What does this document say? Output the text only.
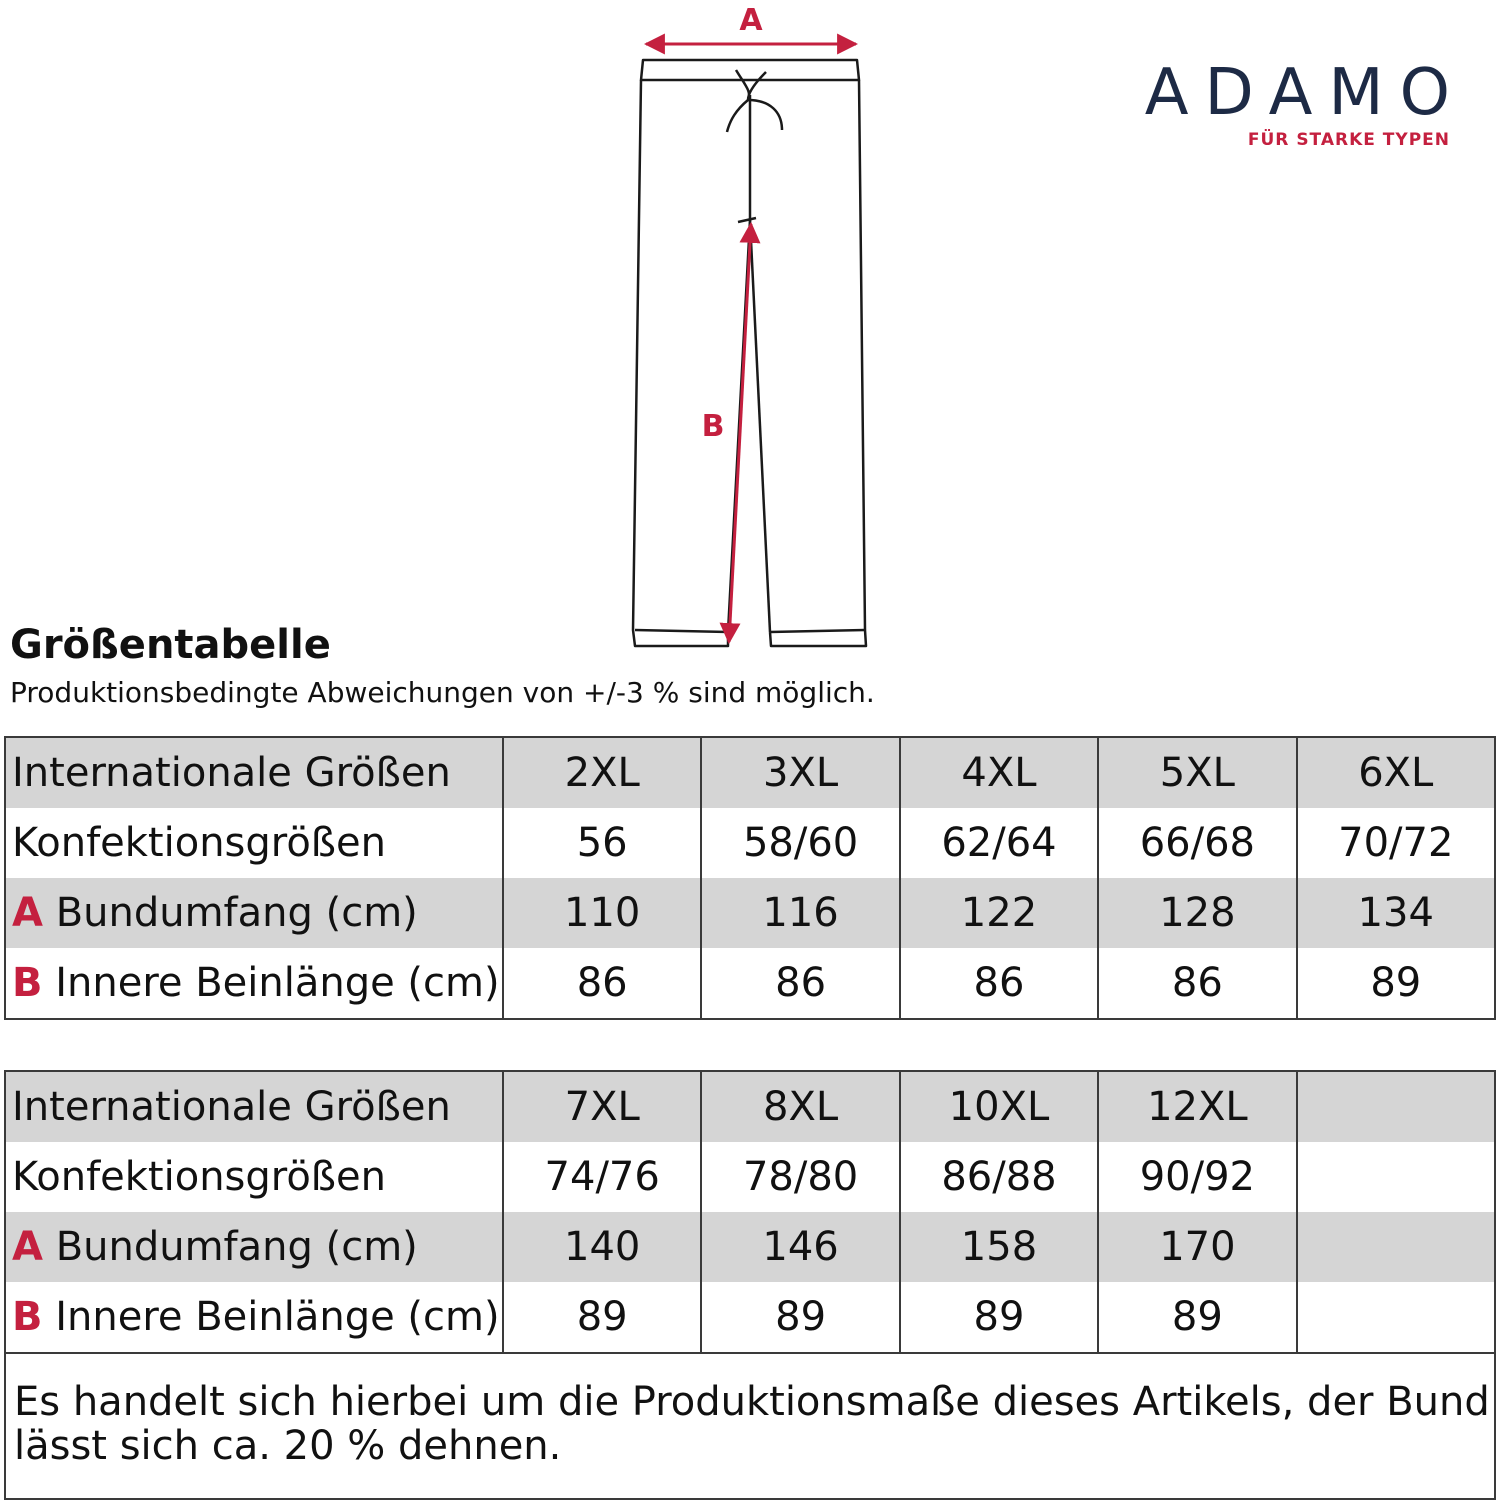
A
B
ADAMO
FÜR STARKE TYPEN
Größentabelle
Produktionsbedingte Abweichungen von +/-3 % sind möglich.
Internationale Größen	2XL	3XL	4XL	5XL	6XL
Konfektionsgrößen	56	58/60	62/64	66/68	70/72
A Bundumfang (cm)	110	116	122	128	134
B Innere Beinlänge (cm)	86	86	86	86	89
Internationale Größen	7XL	8XL	10XL	12XL	
Konfektionsgrößen	74/76	78/80	86/88	90/92	
A Bundumfang (cm)	140	146	158	170	
B Innere Beinlänge (cm)	89	89	89	89	
Es handelt sich hierbei um die Produktionsmaße dieses Artikels, der Bund lässt sich ca. 20 % dehnen.
